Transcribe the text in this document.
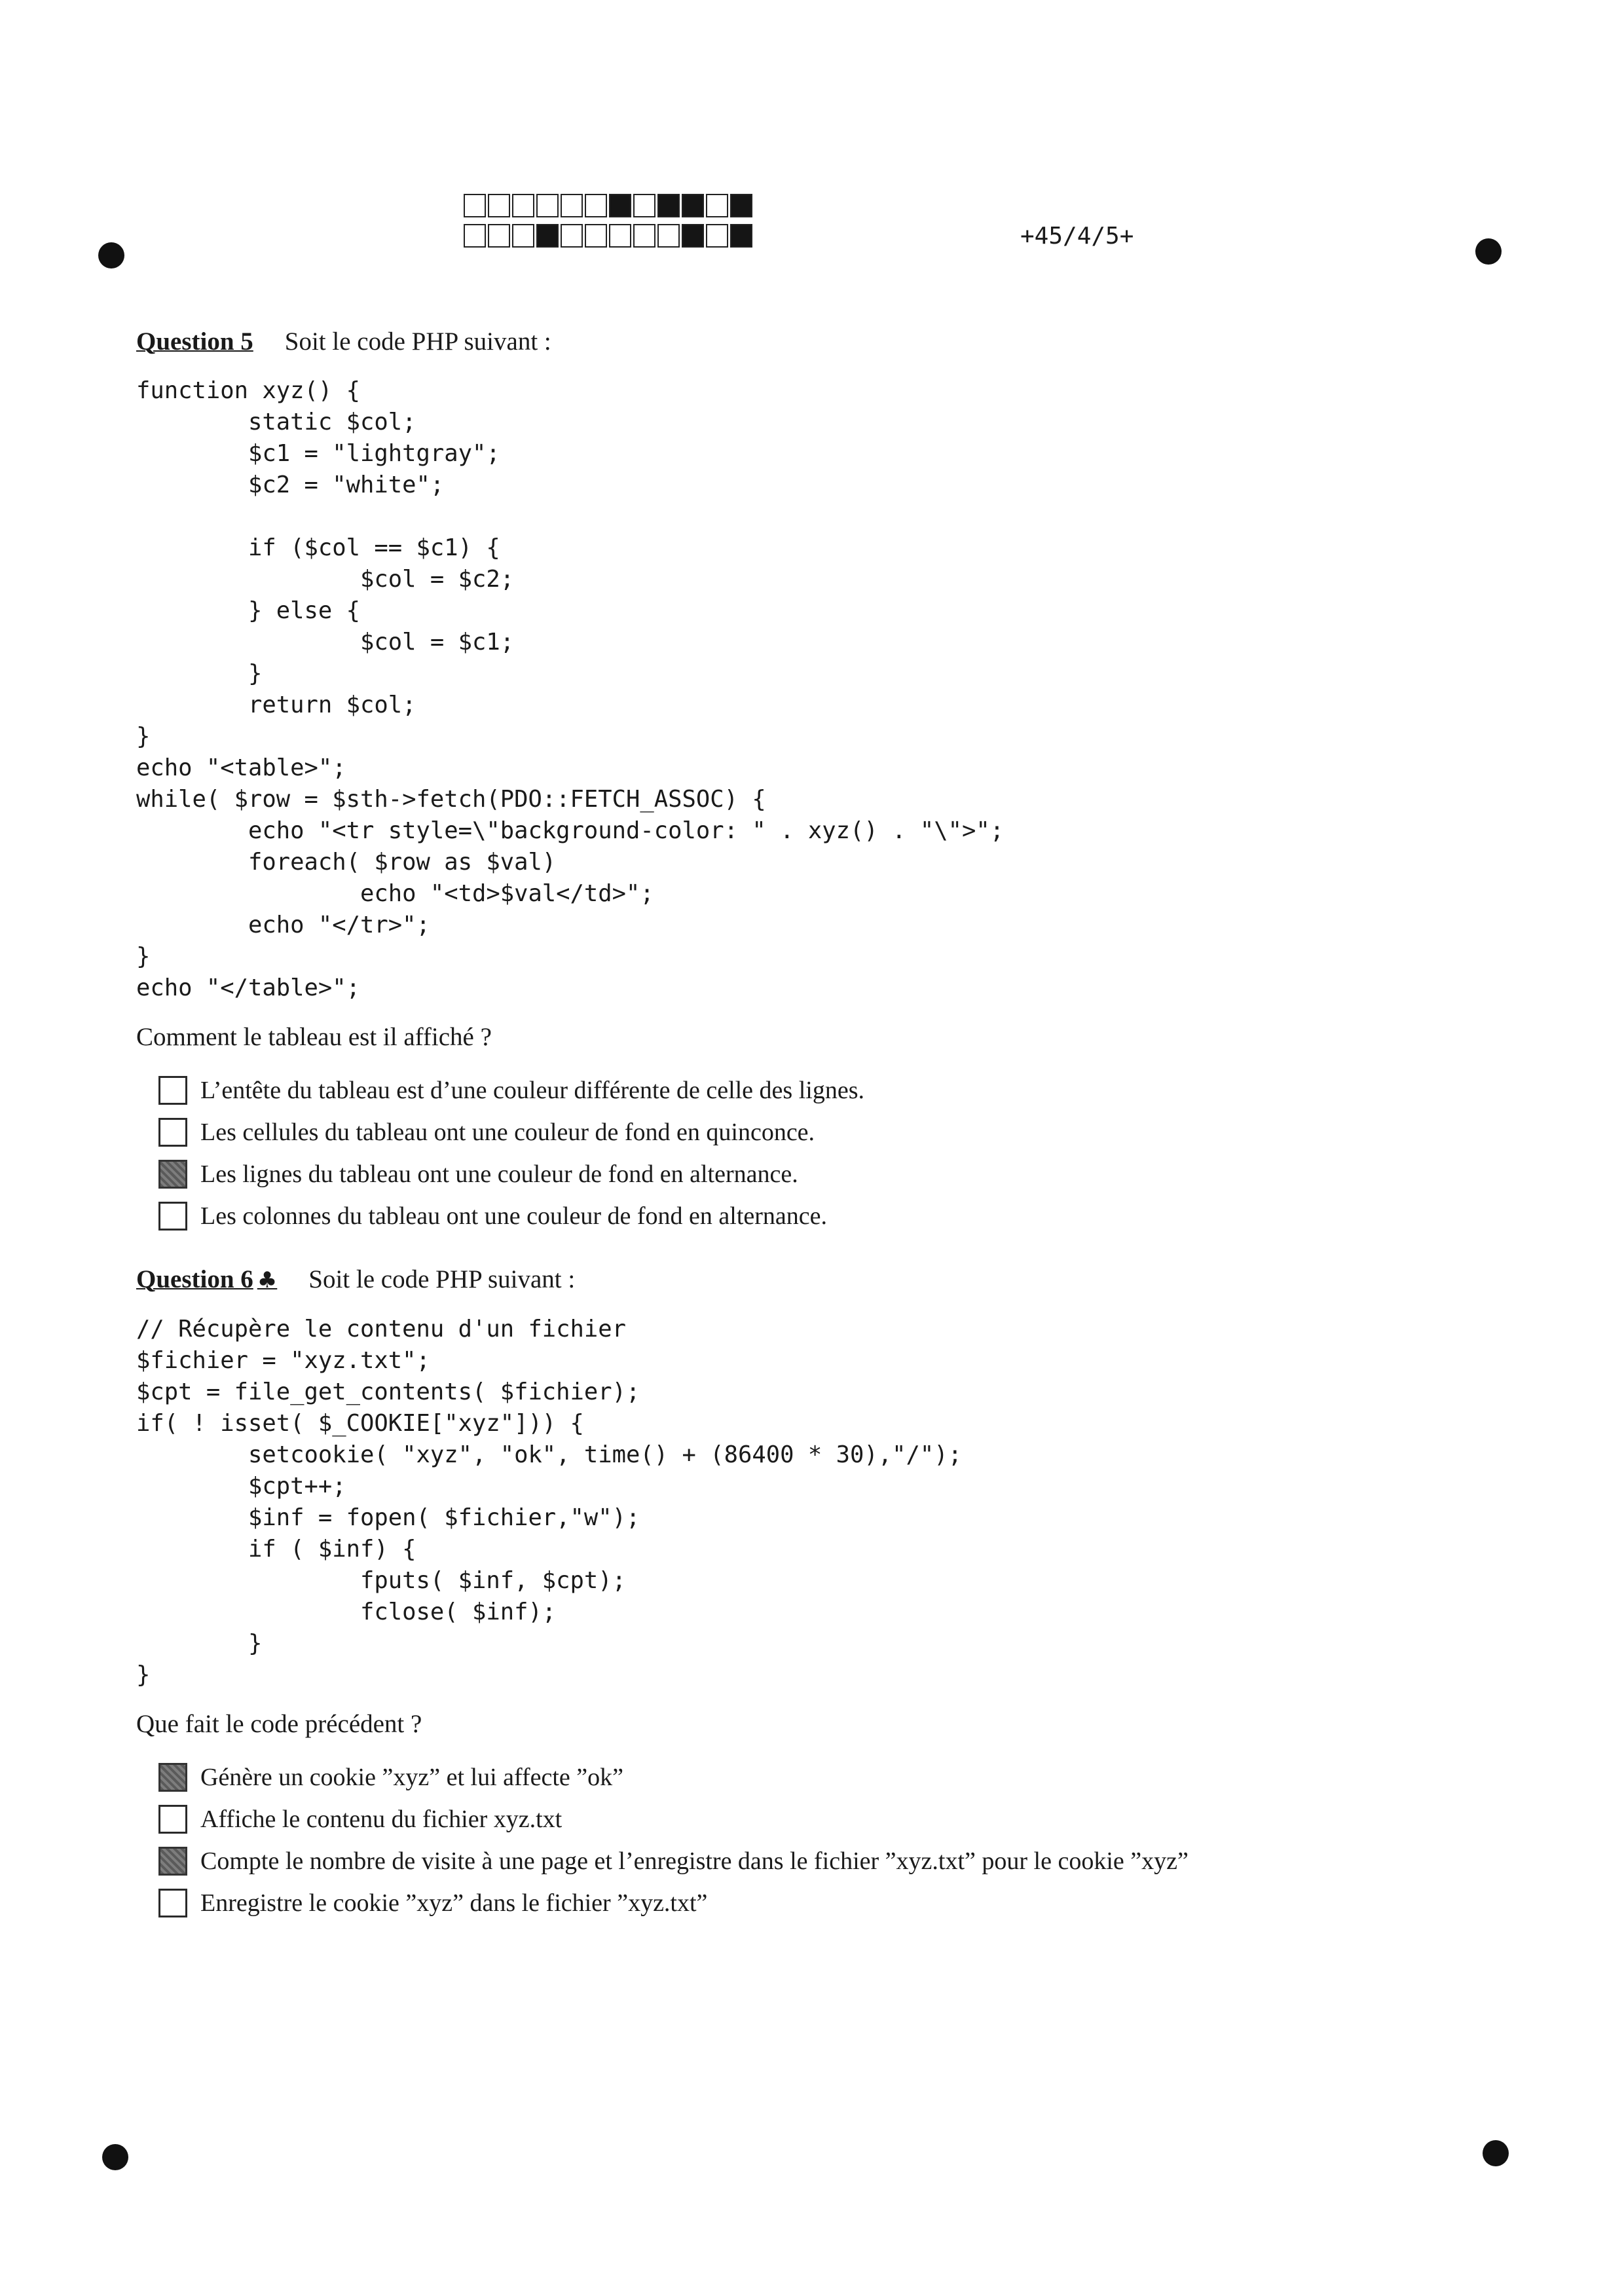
+45/4/5+
Question 5 Soit le code PHP suivant :
function xyz() {
static $col;
$c1 = "lightgray";
$c2 = "white";

if ($col == $c1) {
$col = $c2;
} else {
$col = $c1;
}
return $col;
}
echo "<table>";
while( $row = $sth->fetch(PDO::FETCH_ASSOC) {
echo "<tr style=\"background-color: " . xyz() . "\">";
foreach( $row as $val)
echo "<td>$val</td>";
echo "</tr>";
}
echo "</table>";
Comment le tableau est il affiché ?
L’entête du tableau est d’une couleur différente de celle des lignes.
Les cellules du tableau ont une couleur de fond en quinconce.
Les lignes du tableau ont une couleur de fond en alternance.
Les colonnes du tableau ont une couleur de fond en alternance.
Question 6 ♣ Soit le code PHP suivant :
// Récupère le contenu d'un fichier
$fichier = "xyz.txt";
$cpt = file_get_contents( $fichier);
if( ! isset( $_COOKIE["xyz"])) {
setcookie( "xyz", "ok", time() + (86400 * 30),"/");
$cpt++;
$inf = fopen( $fichier,"w");
if ( $inf) {
fputs( $inf, $cpt);
fclose( $inf);
}
}
Que fait le code précédent ?
Génère un cookie ”xyz” et lui affecte ”ok”
Affiche le contenu du fichier xyz.txt
Compte le nombre de visite à une page et l’enregistre dans le fichier ”xyz.txt” pour le cookie ”xyz”
Enregistre le cookie ”xyz” dans le fichier ”xyz.txt”
